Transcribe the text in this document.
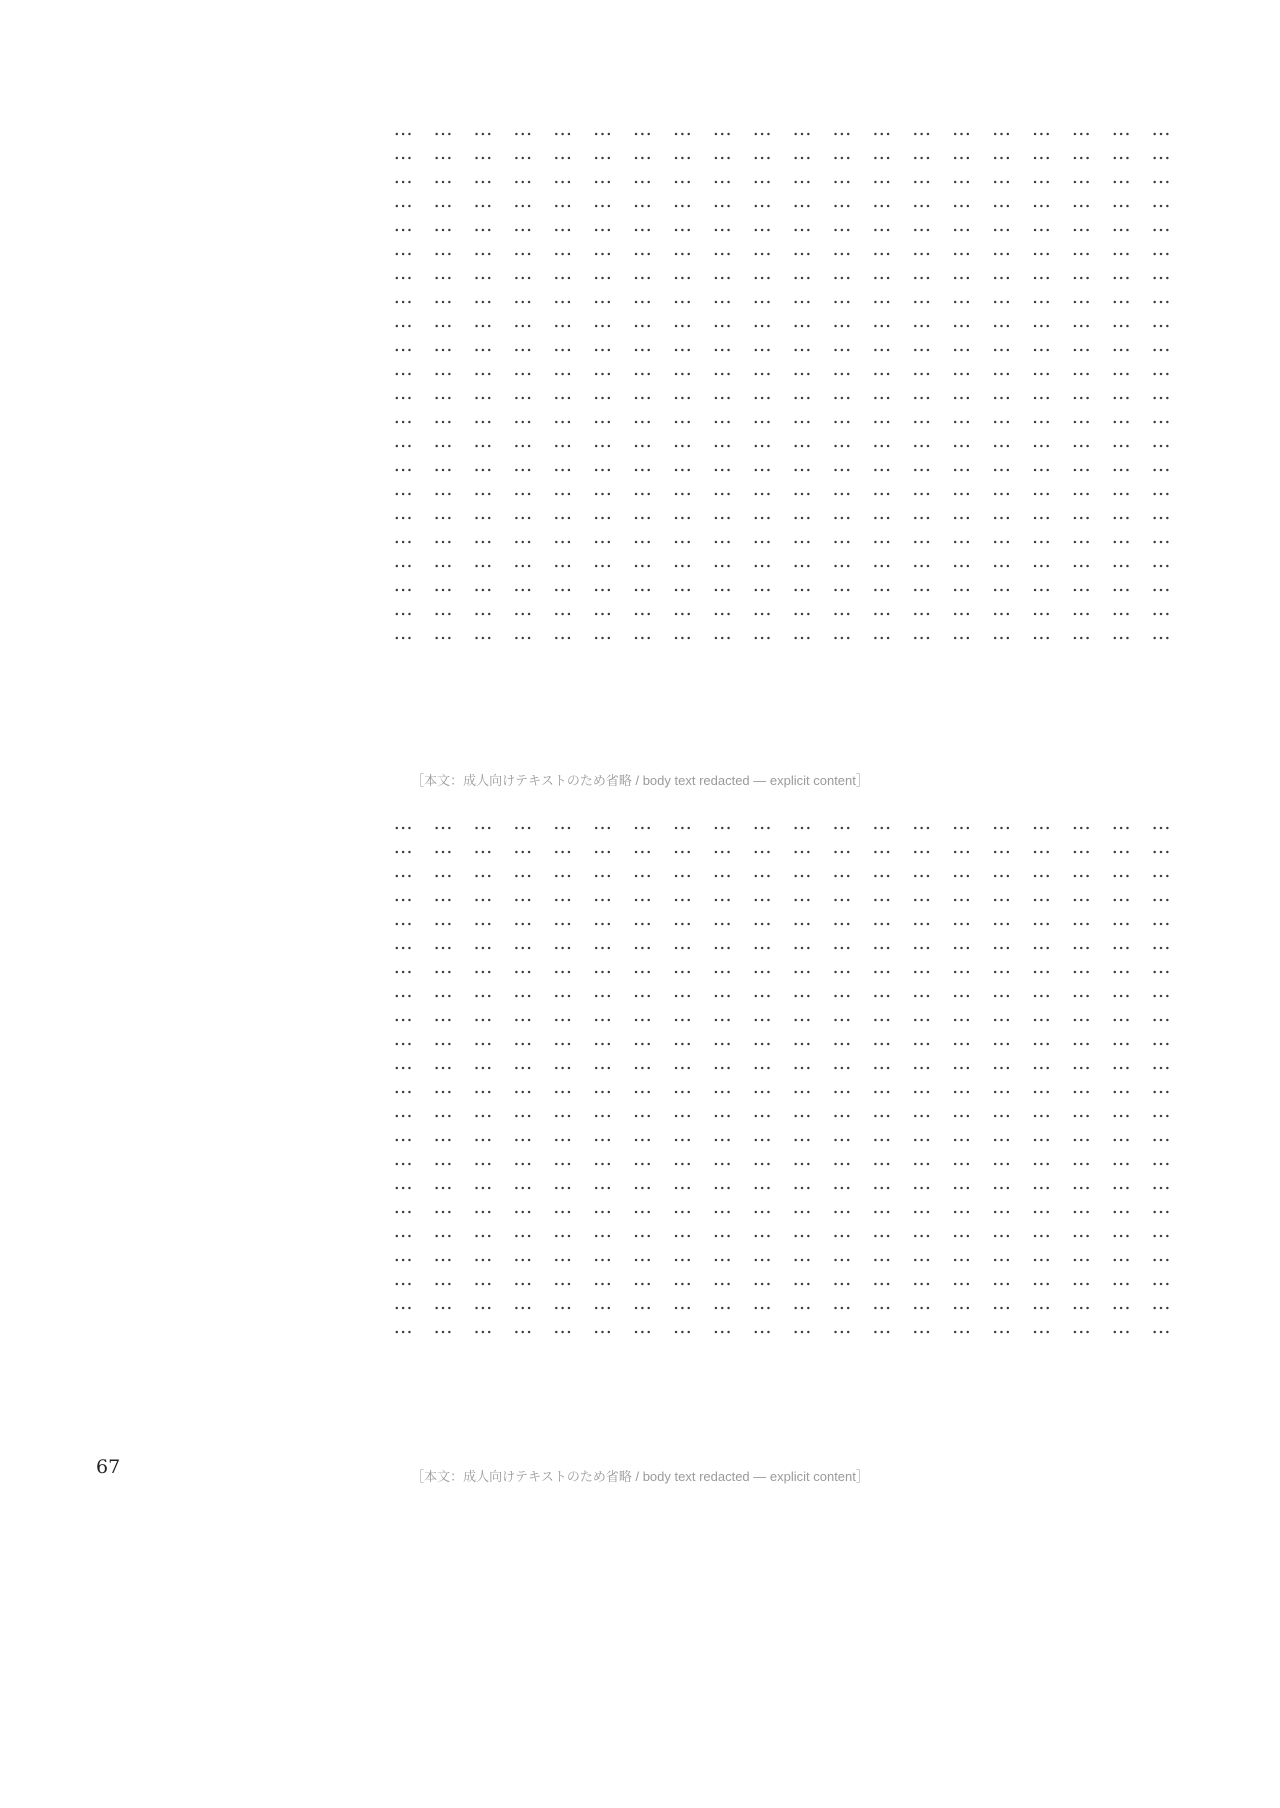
…………………………………………………………
…………………………………………………………
…………………………………………………………
…………………………………………………………
…………………………………………………………
…………………………………………………………
…………………………………………………………
…………………………………………………………
…………………………………………………………
…………………………………………………………
…………………………………………………………
…………………………………………………………
…………………………………………………………
…………………………………………………………
…………………………………………………………
…………………………………………………………
…………………………………………………………
…………………………………………………………
…………………………………………………………
…………………………………………………………

［本文：成人向けテキストのため省略 / body text redacted — explicit content］
…………………………………………………………
…………………………………………………………
…………………………………………………………
…………………………………………………………
…………………………………………………………
…………………………………………………………
…………………………………………………………
…………………………………………………………
…………………………………………………………
…………………………………………………………
…………………………………………………………
…………………………………………………………
…………………………………………………………
…………………………………………………………
…………………………………………………………
…………………………………………………………
…………………………………………………………
…………………………………………………………
…………………………………………………………
…………………………………………………………

［本文：成人向けテキストのため省略 / body text redacted — explicit content］
67
